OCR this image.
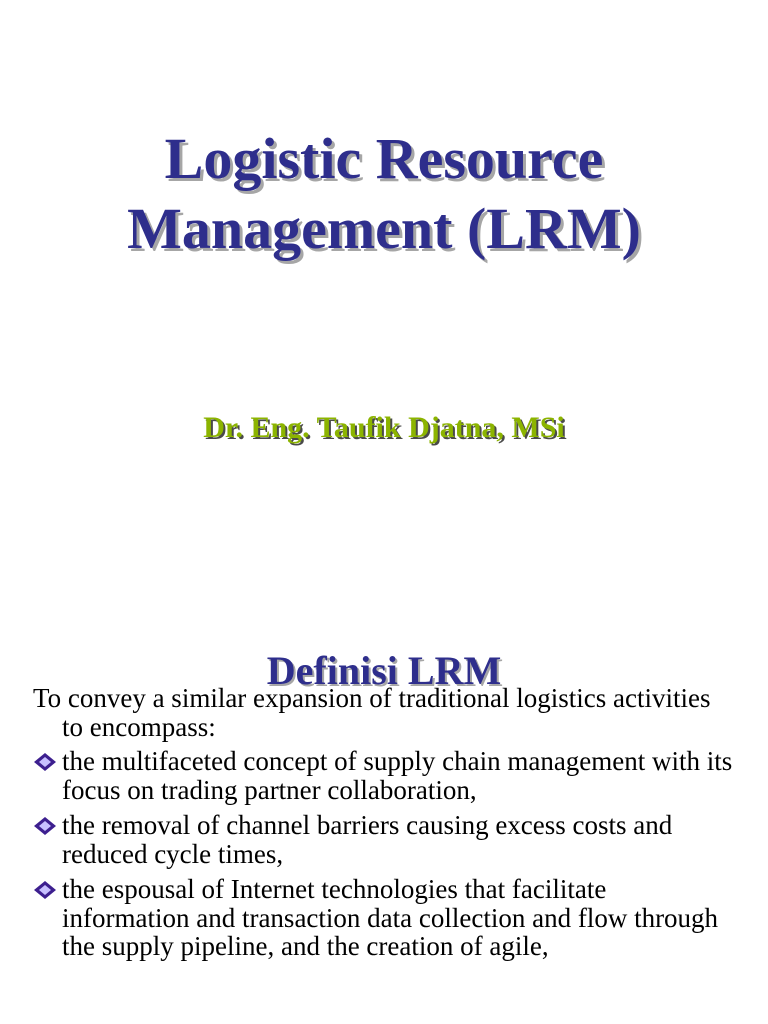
Logistic Resource
Management (LRM)
Dr. Eng. Taufik Djatna, MSi
Definisi LRM

To convey a similar expansion of traditional logistics activities to encompass:

the multifaceted concept of supply chain management with its focus on trading partner collaboration,
the removal of channel barriers causing excess costs and reduced cycle times,
the espousal of Internet technologies that facilitate information and transaction data collection and flow through the supply pipeline, and the creation of agile,
